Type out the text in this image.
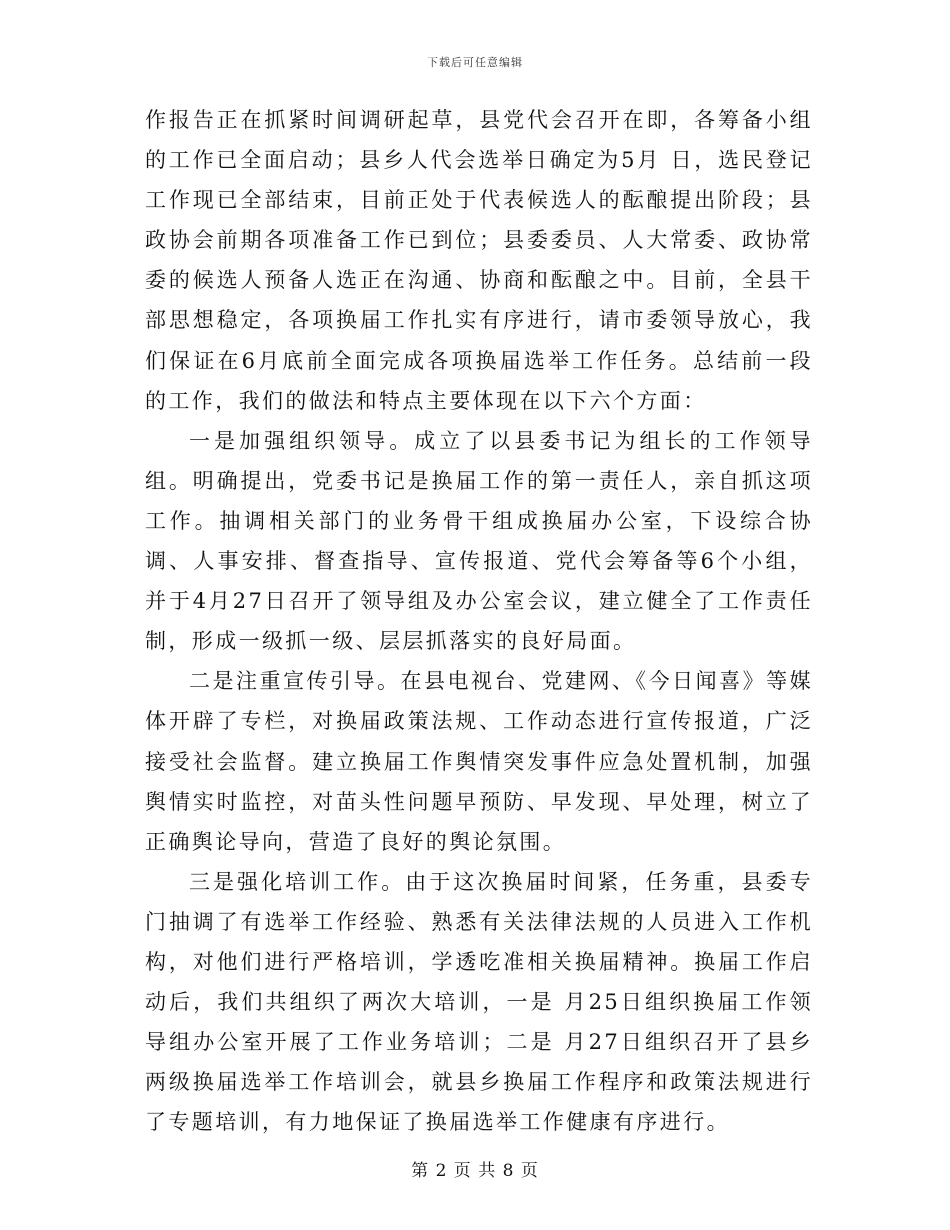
下载后可任意编辑

作报告正在抓紧时间调研起草，县党代会召开在即，各筹备小组的工作已全面启动；县乡人代会选举日确定为5月 日，选民登记工作现已全部结束，目前正处于代表候选人的酝酿提出阶段；县政协会前期各项准备工作已到位；县委委员、人大常委、政协常委的候选人预备人选正在沟通、协商和酝酿之中。目前，全县干部思想稳定，各项换届工作扎实有序进行，请市委领导放心，我们保证在6月底前全面完成各项换届选举工作任务。总结前一段的工作，我们的做法和特点主要体现在以下六个方面：

一是加强组织领导。成立了以县委书记为组长的工作领导组。明确提出，党委书记是换届工作的第一责任人，亲自抓这项工作。抽调相关部门的业务骨干组成换届办公室，下设综合协调、人事安排、督查指导、宣传报道、党代会筹备等6个小组，并于4月27日召开了领导组及办公室会议，建立健全了工作责任制，形成一级抓一级、层层抓落实的良好局面。

二是注重宣传引导。在县电视台、党建网、《今日闻喜》等媒体开辟了专栏，对换届政策法规、工作动态进行宣传报道，广泛接受社会监督。建立换届工作舆情突发事件应急处置机制，加强舆情实时监控，对苗头性问题早预防、早发现、早处理，树立了正确舆论导向，营造了良好的舆论氛围。

三是强化培训工作。由于这次换届时间紧，任务重，县委专门抽调了有选举工作经验、熟悉有关法律法规的人员进入工作机构，对他们进行严格培训，学透吃准相关换届精神。换届工作启动后，我们共组织了两次大培训，一是 月25日组织换届工作领导组办公室开展了工作业务培训；二是 月27日组织召开了县乡两级换届选举工作培训会，就县乡换届工作程序和政策法规进行了专题培训，有力地保证了换届选举工作健康有序进行。

第 2 页 共 8 页
